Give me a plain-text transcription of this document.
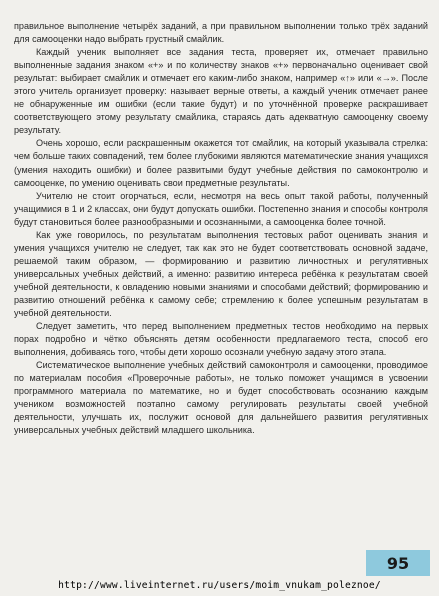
правильное выполнение четырёх заданий, а при правильном выполнении только трёх заданий для самооценки надо выбрать грустный смайлик.

Каждый ученик выполняет все задания теста, проверяет их, отмечает правильно выполненные задания знаком «+» и по количеству знаков «+» первоначально оценивает свой результат: выбирает смайлик и отмечает его каким-либо знаком, например «↑» или «→». После этого учитель организует проверку: называет верные ответы, а каждый ученик отмечает ранее не обнаруженные им ошибки (если такие будут) и по уточнённой проверке раскрашивает соответствующего этому результату смайлика, стараясь дать адекватную самооценку своему результату.

Очень хорошо, если раскрашенным окажется тот смайлик, на который указывала стрелка: чем больше таких совпадений, тем более глубокими являются математические знания учащихся (умения находить ошибки) и более развитыми будут учебные действия по самоконтролю и самооценке, по умению оценивать свои предметные результаты.

Учителю не стоит огорчаться, если, несмотря на весь опыт такой работы, полученный учащимися в 1 и 2 классах, они будут допускать ошибки. Постепенно знания и способы контроля будут становиться более разнообразными и осознанными, а самооценка более точной.

Как уже говорилось, по результатам выполнения тестовых работ оценивать знания и умения учащихся учителю не следует, так как это не будет соответствовать основной задаче, решаемой таким образом, — формированию и развитию личностных и регулятивных универсальных учебных действий, а именно: развитию интереса ребёнка к результатам своей учебной деятельности, к овладению новыми знаниями и способами действий; формированию и развитию отношений ребёнка к самому себе; стремлению к более успешным результатам в учебной деятельности.

Следует заметить, что перед выполнением предметных тестов необходимо на первых порах подробно и чётко объяснять детям особенности предлагаемого теста, способ его выполнения, добиваясь того, чтобы дети хорошо осознали учебную задачу этого этапа.

Систематическое выполнение учебных действий самоконтроля и самооценки, проводимое по материалам пособия «Проверочные работы», не только поможет учащимся в усвоении программного материала по математике, но и будет способствовать осознанию каждым учеником возможностей поэтапно самому регулировать результаты своей учебной деятельности, улучшать их, послужит основой для дальнейшего развития регулятивных универсальных учебных действий младшего школьника.

95
http://www.liveinternet.ru/users/moim_vnukam_poleznoe/
